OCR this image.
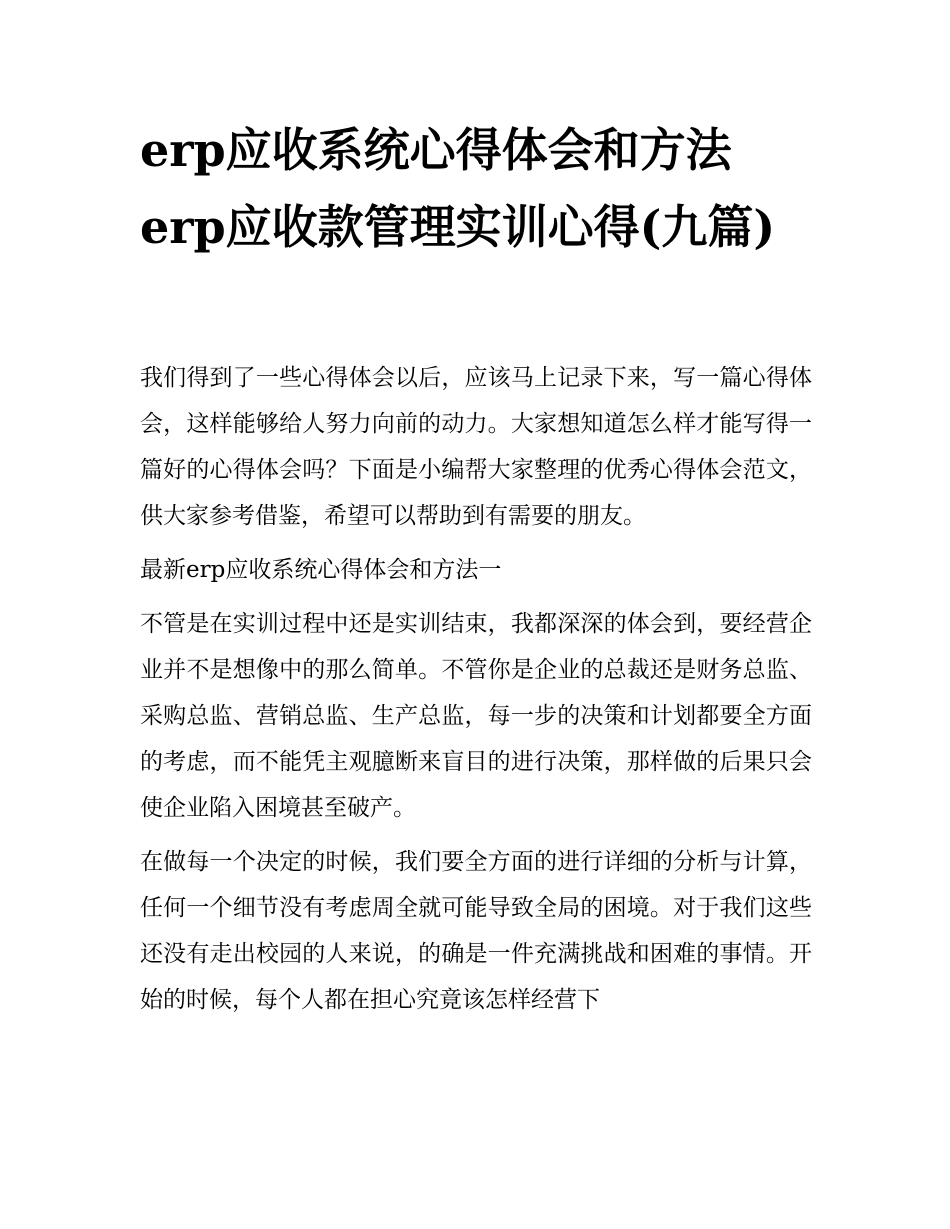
erp应收系统心得体会和方法 erp应收款管理实训心得(九篇)

我们得到了一些心得体会以后，应该马上记录下来，写一篇心得体会，这样能够给人努力向前的动力。大家想知道怎么样才能写得一篇好的心得体会吗？下面是小编帮大家整理的优秀心得体会范文，供大家参考借鉴，希望可以帮助到有需要的朋友。

最新erp应收系统心得体会和方法一

不管是在实训过程中还是实训结束，我都深深的体会到，要经营企业并不是想像中的那么简单。不管你是企业的总裁还是财务总监、采购总监、营销总监、生产总监，每一步的决策和计划都要全方面的考虑，而不能凭主观臆断来盲目的进行决策，那样做的后果只会使企业陷入困境甚至破产。

在做每一个决定的时候，我们要全方面的进行详细的分析与计算，任何一个细节没有考虑周全就可能导致全局的困境。对于我们这些还没有走出校园的人来说，的确是一件充满挑战和困难的事情。开始的时候，每个人都在担心究竟该怎样经营下
